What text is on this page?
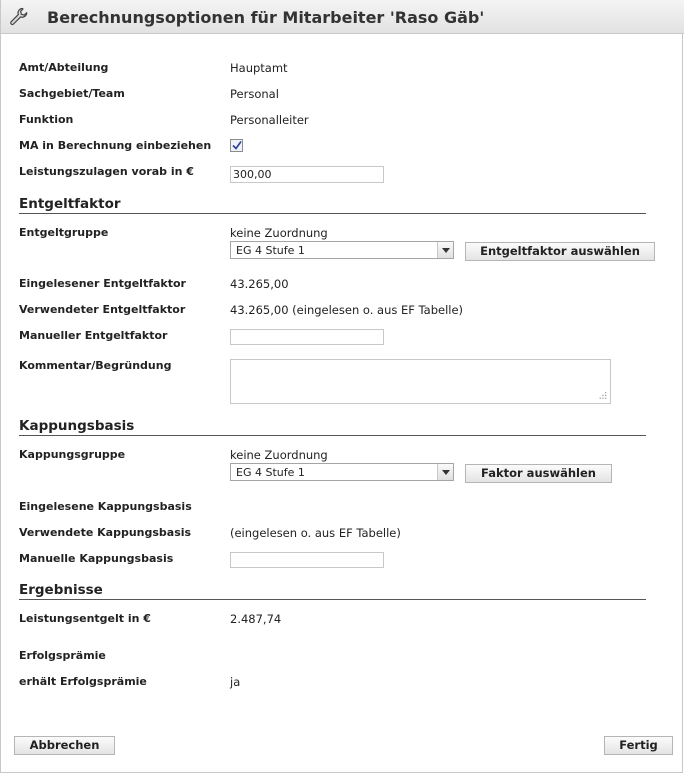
Berechnungsoptionen für Mitarbeiter 'Raso Gäb'
Amt/Abteilung	Hauptamt
Sachgebiet/Team	Personal
Funktion	Personalleiter
MA in Berechnung einbeziehen
Leistungszulagen vorab in €	300,00
Entgeltfaktor
Entgeltgruppe	keine Zuordnung
EG 4 Stufe 1	Entgeltfaktor auswählen
Eingelesener Entgeltfaktor	43.265,00
Verwendeter Entgeltfaktor	43.265,00 (eingelesen o. aus EF Tabelle)
Manueller Entgeltfaktor
Kommentar/Begründung
Kappungsbasis
Kappungsgruppe	keine Zuordnung
EG 4 Stufe 1	Faktor auswählen
Eingelesene Kappungsbasis
Verwendete Kappungsbasis	(eingelesen o. aus EF Tabelle)
Manuelle Kappungsbasis
Ergebnisse
Leistungsentgelt in €	2.487,74
Erfolgsprämie
erhält Erfolgsprämie	ja
Abbrechen	Fertig
